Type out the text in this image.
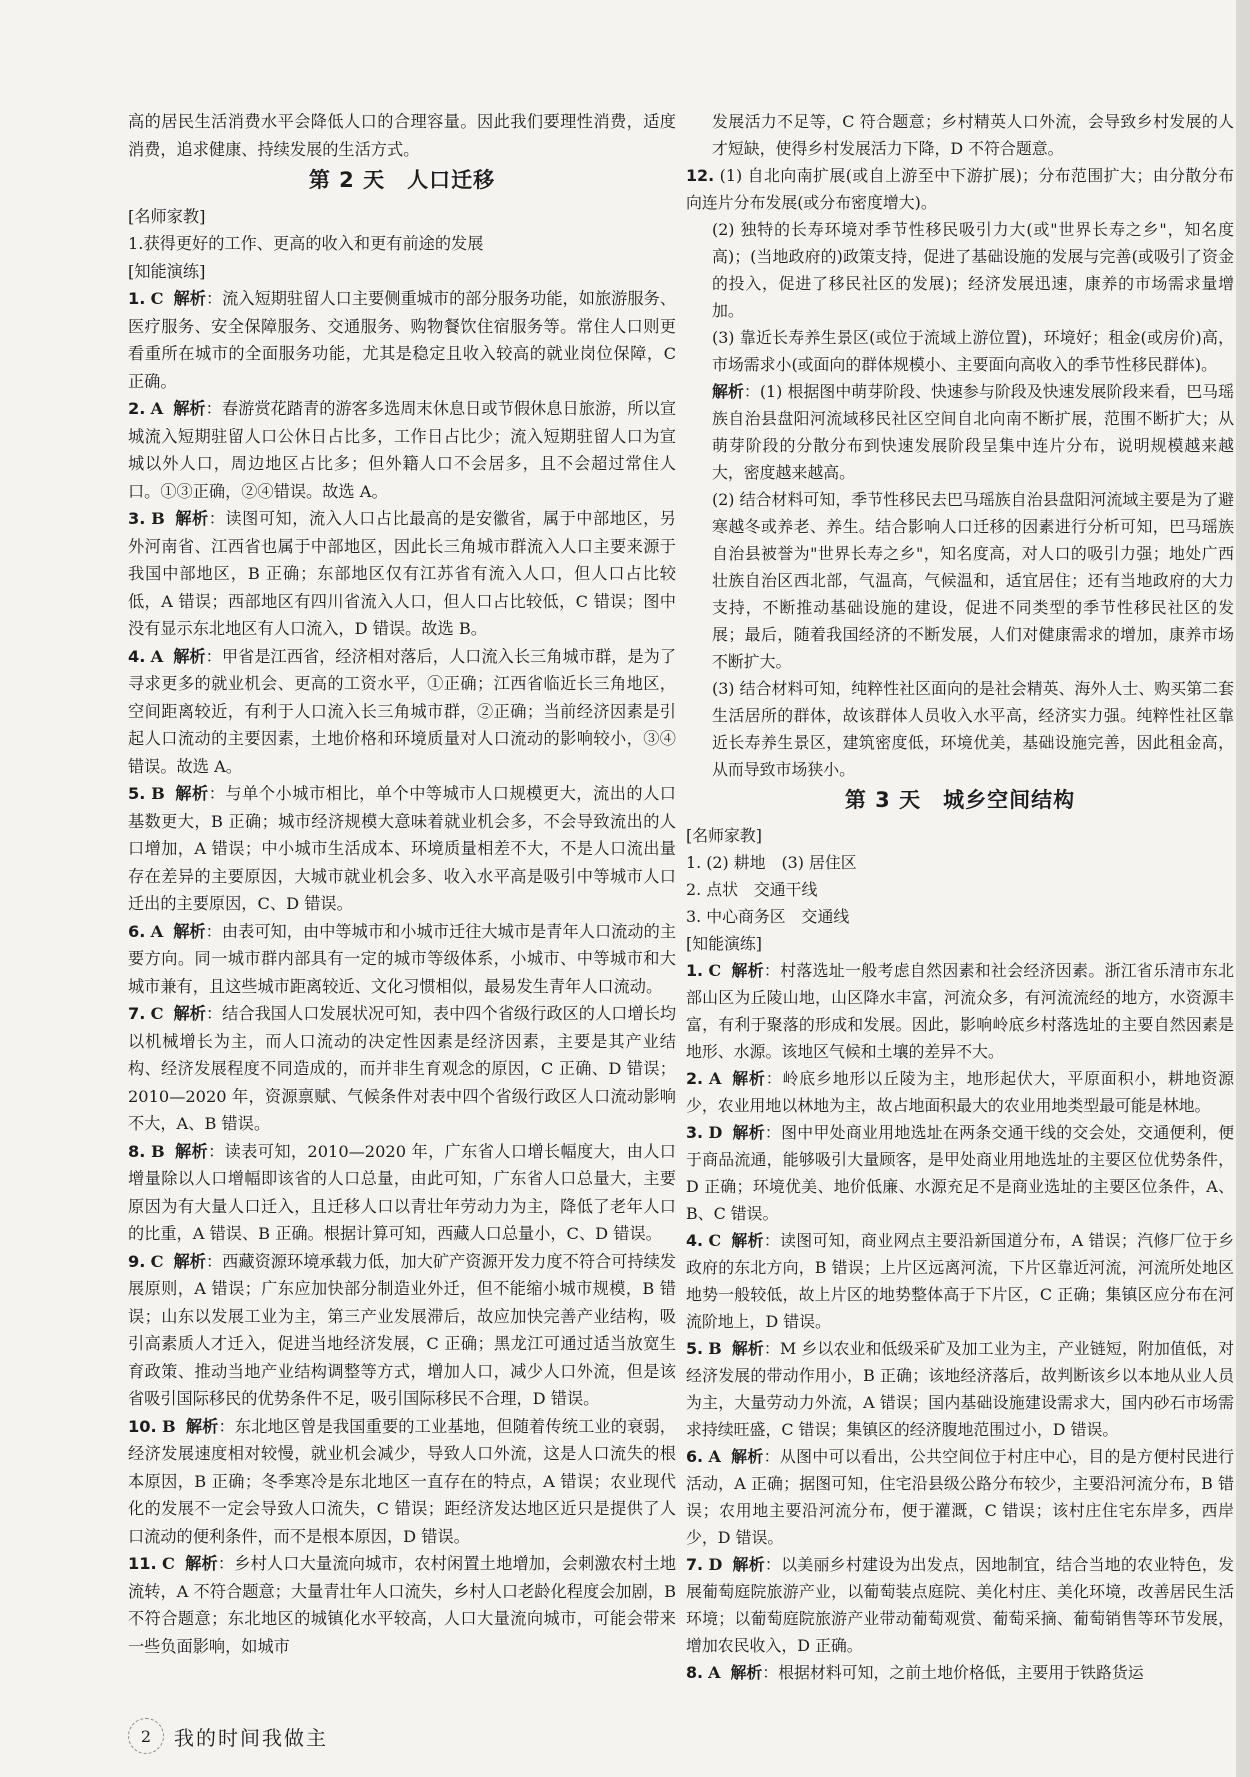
高的居民生活消费水平会降低人口的合理容量。因此我们要理性消费，适度消费，追求健康、持续发展的生活方式。

第 2 天　人口迁移

[名师家教]

1.获得更好的工作、更高的收入和更有前途的发展

[知能演练]

1. C 解析：流入短期驻留人口主要侧重城市的部分服务功能，如旅游服务、医疗服务、安全保障服务、交通服务、购物餐饮住宿服务等。常住人口则更看重所在城市的全面服务功能，尤其是稳定且收入较高的就业岗位保障，C 正确。

2. A 解析：春游赏花踏青的游客多选周末休息日或节假休息日旅游，所以宣城流入短期驻留人口公休日占比多，工作日占比少；流入短期驻留人口为宣城以外人口，周边地区占比多；但外籍人口不会居多，且不会超过常住人口。①③正确，②④错误。故选 A。

3. B 解析：读图可知，流入人口占比最高的是安徽省，属于中部地区，另外河南省、江西省也属于中部地区，因此长三角城市群流入人口主要来源于我国中部地区，B 正确；东部地区仅有江苏省有流入人口，但人口占比较低，A 错误；西部地区有四川省流入人口，但人口占比较低，C 错误；图中没有显示东北地区有人口流入，D 错误。故选 B。

4. A 解析：甲省是江西省，经济相对落后，人口流入长三角城市群，是为了寻求更多的就业机会、更高的工资水平，①正确；江西省临近长三角地区，空间距离较近，有利于人口流入长三角城市群，②正确；当前经济因素是引起人口流动的主要因素，土地价格和环境质量对人口流动的影响较小，③④错误。故选 A。

5. B 解析：与单个小城市相比，单个中等城市人口规模更大，流出的人口基数更大，B 正确；城市经济规模大意味着就业机会多，不会导致流出的人口增加，A 错误；中小城市生活成本、环境质量相差不大，不是人口流出量存在差异的主要原因，大城市就业机会多、收入水平高是吸引中等城市人口迁出的主要原因，C、D 错误。

6. A 解析：由表可知，由中等城市和小城市迁往大城市是青年人口流动的主要方向。同一城市群内部具有一定的城市等级体系，小城市、中等城市和大城市兼有，且这些城市距离较近、文化习惯相似，最易发生青年人口流动。

7. C 解析：结合我国人口发展状况可知，表中四个省级行政区的人口增长均以机械增长为主，而人口流动的决定性因素是经济因素，主要是其产业结构、经济发展程度不同造成的，而并非生育观念的原因，C 正确、D 错误；2010—2020 年，资源禀赋、气候条件对表中四个省级行政区人口流动影响不大，A、B 错误。

8. B 解析：读表可知，2010—2020 年，广东省人口增长幅度大，由人口增量除以人口增幅即该省的人口总量，由此可知，广东省人口总量大，主要原因为有大量人口迁入，且迁移人口以青壮年劳动力为主，降低了老年人口的比重，A 错误、B 正确。根据计算可知，西藏人口总量小，C、D 错误。

9. C 解析：西藏资源环境承载力低，加大矿产资源开发力度不符合可持续发展原则，A 错误；广东应加快部分制造业外迁，但不能缩小城市规模，B 错误；山东以发展工业为主，第三产业发展滞后，故应加快完善产业结构，吸引高素质人才迁入，促进当地经济发展，C 正确；黑龙江可通过适当放宽生育政策、推动当地产业结构调整等方式，增加人口，减少人口外流，但是该省吸引国际移民的优势条件不足，吸引国际移民不合理，D 错误。

10. B 解析：东北地区曾是我国重要的工业基地，但随着传统工业的衰弱，经济发展速度相对较慢，就业机会减少，导致人口外流，这是人口流失的根本原因，B 正确；冬季寒冷是东北地区一直存在的特点，A 错误；农业现代化的发展不一定会导致人口流失，C 错误；距经济发达地区近只是提供了人口流动的便利条件，而不是根本原因，D 错误。

11. C 解析：乡村人口大量流向城市，农村闲置土地增加，会刺激农村土地流转，A 不符合题意；大量青壮年人口流失，乡村人口老龄化程度会加剧，B 不符合题意；东北地区的城镇化水平较高，人口大量流向城市，可能会带来一些负面影响，如城市

发展活力不足等，C 符合题意；乡村精英人口外流，会导致乡村发展的人才短缺，使得乡村发展活力下降，D 不符合题意。

12. (1) 自北向南扩展(或自上游至中下游扩展)；分布范围扩大；由分散分布向连片分布发展(或分布密度增大)。

(2) 独特的长寿环境对季节性移民吸引力大(或"世界长寿之乡"，知名度高)；(当地政府的)政策支持，促进了基础设施的发展与完善(或吸引了资金的投入，促进了移民社区的发展)；经济发展迅速，康养的市场需求量增加。

(3) 靠近长寿养生景区(或位于流域上游位置)，环境好；租金(或房价)高，市场需求小(或面向的群体规模小、主要面向高收入的季节性移民群体)。

解析：(1) 根据图中萌芽阶段、快速参与阶段及快速发展阶段来看，巴马瑶族自治县盘阳河流域移民社区空间自北向南不断扩展，范围不断扩大；从萌芽阶段的分散分布到快速发展阶段呈集中连片分布，说明规模越来越大，密度越来越高。

(2) 结合材料可知，季节性移民去巴马瑶族自治县盘阳河流域主要是为了避寒越冬或养老、养生。结合影响人口迁移的因素进行分析可知，巴马瑶族自治县被誉为"世界长寿之乡"，知名度高，对人口的吸引力强；地处广西壮族自治区西北部，气温高，气候温和，适宜居住；还有当地政府的大力支持，不断推动基础设施的建设，促进不同类型的季节性移民社区的发展；最后，随着我国经济的不断发展，人们对健康需求的增加，康养市场不断扩大。

(3) 结合材料可知，纯粹性社区面向的是社会精英、海外人士、购买第二套生活居所的群体，故该群体人员收入水平高，经济实力强。纯粹性社区靠近长寿养生景区，建筑密度低，环境优美，基础设施完善，因此租金高，从而导致市场狭小。

第 3 天　城乡空间结构

[名师家教]

1. (2) 耕地　(3) 居住区

2. 点状　交通干线

3. 中心商务区　交通线

[知能演练]

1. C 解析：村落选址一般考虑自然因素和社会经济因素。浙江省乐清市东北部山区为丘陵山地，山区降水丰富，河流众多，有河流流经的地方，水资源丰富，有利于聚落的形成和发展。因此，影响岭底乡村落选址的主要自然因素是地形、水源。该地区气候和土壤的差异不大。

2. A 解析：岭底乡地形以丘陵为主，地形起伏大，平原面积小，耕地资源少，农业用地以林地为主，故占地面积最大的农业用地类型最可能是林地。

3. D 解析：图中甲处商业用地选址在两条交通干线的交会处，交通便利，便于商品流通，能够吸引大量顾客，是甲处商业用地选址的主要区位优势条件，D 正确；环境优美、地价低廉、水源充足不是商业选址的主要区位条件，A、B、C 错误。

4. C 解析：读图可知，商业网点主要沿新国道分布，A 错误；汽修厂位于乡政府的东北方向，B 错误；上片区远离河流，下片区靠近河流，河流所处地区地势一般较低，故上片区的地势整体高于下片区，C 正确；集镇区应分布在河流阶地上，D 错误。

5. B 解析：M 乡以农业和低级采矿及加工业为主，产业链短，附加值低，对经济发展的带动作用小，B 正确；该地经济落后，故判断该乡以本地从业人员为主，大量劳动力外流，A 错误；国内基础设施建设需求大，国内砂石市场需求持续旺盛，C 错误；集镇区的经济腹地范围过小，D 错误。

6. A 解析：从图中可以看出，公共空间位于村庄中心，目的是方便村民进行活动，A 正确；据图可知，住宅沿县级公路分布较少，主要沿河流分布，B 错误；农用地主要沿河流分布，便于灌溉，C 错误；该村庄住宅东岸多，西岸少，D 错误。

7. D 解析：以美丽乡村建设为出发点，因地制宜，结合当地的农业特色，发展葡萄庭院旅游产业，以葡萄装点庭院、美化村庄、美化环境，改善居民生活环境；以葡萄庭院旅游产业带动葡萄观赏、葡萄采摘、葡萄销售等环节发展，增加农民收入，D 正确。

8. A 解析：根据材料可知，之前土地价格低，主要用于铁路货运

2	我的时间我做主
